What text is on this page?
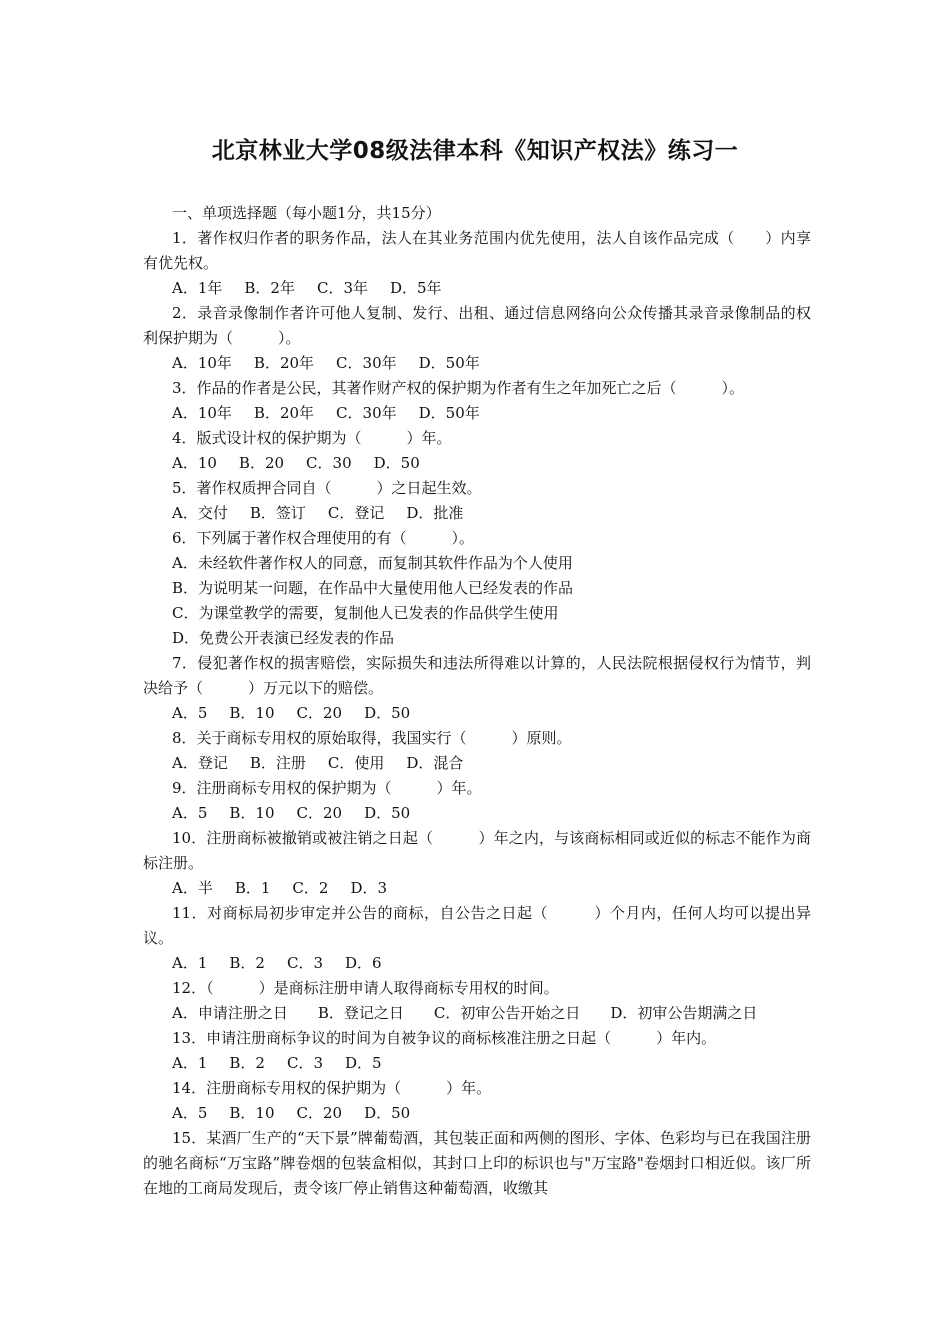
北京林业大学08级法律本科《知识产权法》练习一
一、单项选择题（每小题1分，共15分）
1．著作权归作者的职务作品，法人在其业务范围内优先使用，法人自该作品完成（　　）内享有优先权。
A．1年 B．2年 C．3年 D．5年
2．录音录像制作者许可他人复制、发行、出租、通过信息网络向公众传播其录音录像制品的权利保护期为（　　　）。
A．10年 B．20年 C．30年 D．50年
3．作品的作者是公民，其著作财产权的保护期为作者有生之年加死亡之后（　　　）。
A．10年 B．20年 C．30年 D．50年
4．版式设计权的保护期为（　　　）年。
A．10 B．20 C．30 D．50
5．著作权质押合同自（　　　）之日起生效。
A．交付 B．签订 C．登记 D．批准
6．下列属于著作权合理使用的有（　　　）。
A．未经软件著作权人的同意，而复制其软件作品为个人使用
B．为说明某一问题，在作品中大量使用他人已经发表的作品
C．为课堂教学的需要，复制他人已发表的作品供学生使用
D．免费公开表演已经发表的作品
7．侵犯著作权的损害赔偿，实际损失和违法所得难以计算的，人民法院根据侵权行为情节，判决给予（　　　）万元以下的赔偿。
A．5 B．10 C．20 D．50
8．关于商标专用权的原始取得，我国实行（　　　）原则。
A．登记 B．注册 C．使用 D．混合
9．注册商标专用权的保护期为（　　　）年。
A．5 B．10 C．20 D．50
10．注册商标被撤销或被注销之日起（　　　）年之内，与该商标相同或近似的标志不能作为商标注册。
A．半 B．1 C．2 D．3
11．对商标局初步审定并公告的商标，自公告之日起（　　　）个月内，任何人均可以提出异议。
A．1 B．2 C．3 D．6
12．（　　　）是商标注册申请人取得商标专用权的时间。
A．申请注册之日　　B．登记之日　　C．初审公告开始之日　　D．初审公告期满之日
13．申请注册商标争议的时间为自被争议的商标核准注册之日起（　　　）年内。
A．1 B．2 C．3 D．5
14．注册商标专用权的保护期为（　　　）年。
A．5 B．10 C．20 D．50
15．某酒厂生产的“天下景”牌葡萄酒，其包装正面和两侧的图形、字体、色彩均与已在我国注册的驰名商标“万宝路”牌卷烟的包装盒相似，其封口上印的标识也与"万宝路"卷烟封口相近似。该厂所在地的工商局发现后，责令该厂停止销售这种葡萄酒，收缴其
